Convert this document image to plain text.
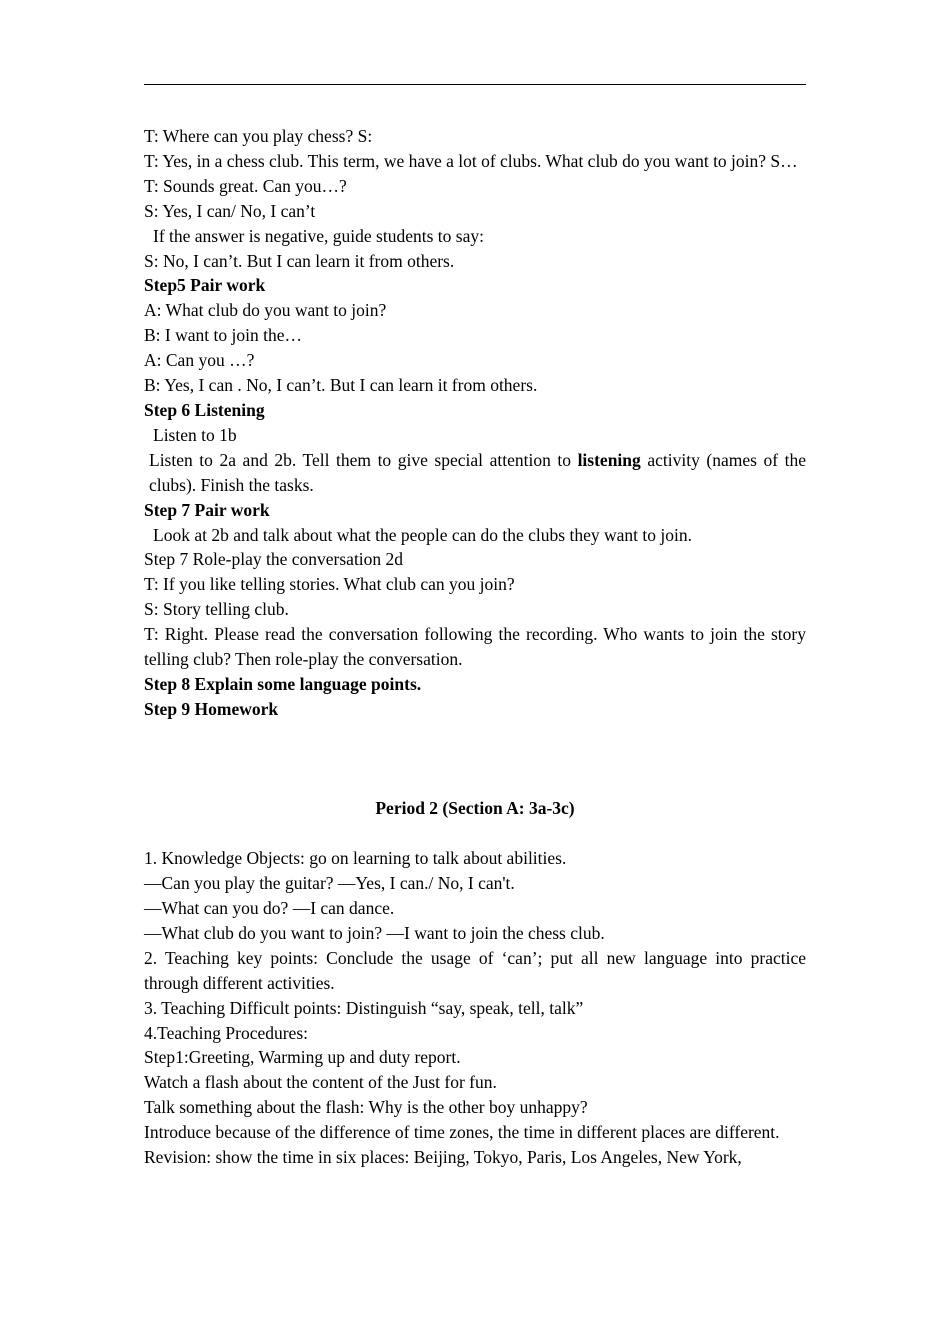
T: Where can you play chess? S:

T: Yes, in a chess club. This term, we have a lot of clubs. What club do you want to join? S…

T: Sounds great. Can you…?

S: Yes, I can/ No, I can’t

If the answer is negative, guide students to say:

S: No, I can’t. But I can learn it from others.

Step5 Pair work

A: What club do you want to join?

B: I want to join the…

A: Can you …?

B: Yes, I can . No, I can’t. But I can learn it from others.

Step 6 Listening

Listen to 1b

Listen to 2a and 2b. Tell them to give special attention to listening activity (names of the clubs). Finish the tasks.

Step 7 Pair work

Look at 2b and talk about what the people can do the clubs they want to join.

Step 7 Role-play the conversation 2d

T: If you like telling stories. What club can you join?

S: Story telling club.

T: Right. Please read the conversation following the recording. Who wants to join the story telling club? Then role-play the conversation.

Step 8 Explain some language points.

Step 9 Homework

Period 2 (Section A: 3a-3c)

1. Knowledge Objects: go on learning to talk about abilities.

—Can you play the guitar? —Yes, I can./ No, I can't.

—What can you do? —I can dance.

—What club do you want to join? —I want to join the chess club.

2. Teaching key points: Conclude the usage of ‘can’; put all new language into practice through different activities.

3. Teaching Difficult points: Distinguish “say, speak, tell, talk”

4.Teaching Procedures:

Step1:Greeting, Warming up and duty report.

Watch a flash about the content of the Just for fun.

Talk something about the flash: Why is the other boy unhappy?

Introduce because of the difference of time zones, the time in different places are different.

Revision: show the time in six places: Beijing, Tokyo, Paris, Los Angeles, New York,
